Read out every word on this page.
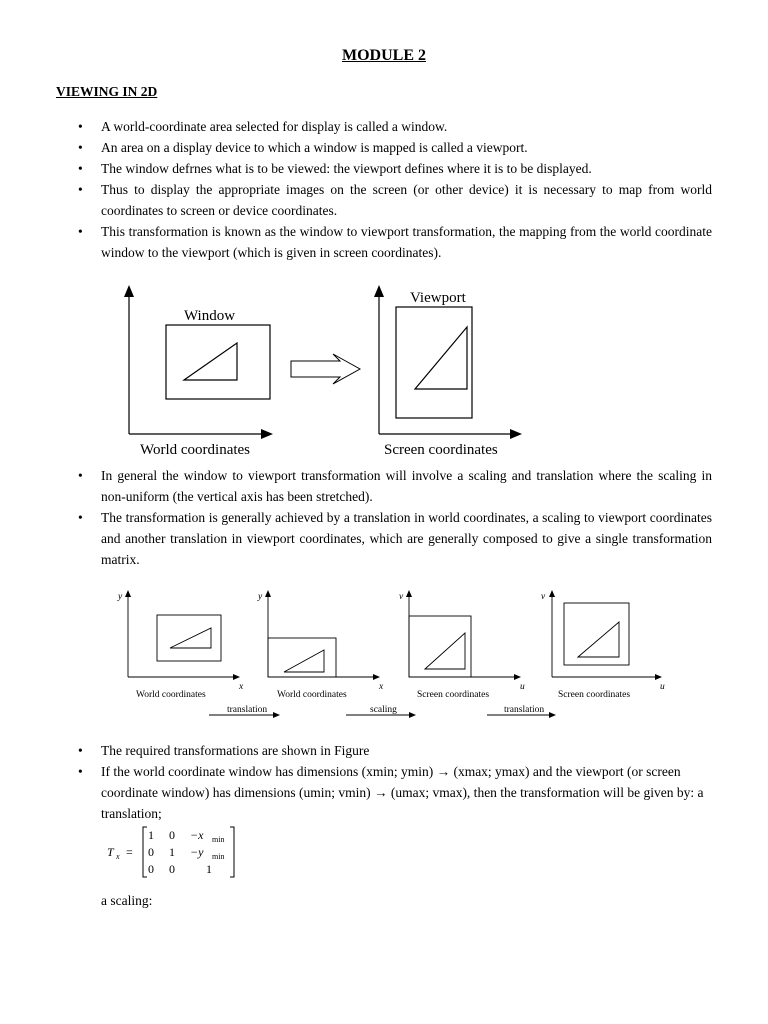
MODULE 2
VIEWING IN 2D
• A world-coordinate area selected for display is called a window.
• An area on a display device to which a window is mapped is called a viewport.
• The window defrnes what is to be viewed: the viewport defines where it is to be displayed.
• Thus to display the appropriate images on the screen (or other device) it is necessary to map from world coordinates to screen or device coordinates.
• This transformation is known as the window to viewport transformation, the mapping from the world coordinate window to the viewport (which is given in screen coordinates).
Window
Viewport
World coordinates	Screen coordinates
• In general the window to viewport transformation will involve a scaling and translation where the scaling in non-uniform (the vertical axis has been stretched).
• The transformation is generally achieved by a translation in world coordinates, a scaling to viewport coordinates and another translation in viewport coordinates, which are generally composed to give a single transformation matrix.
y
x
y
x
v
u
v
u
World coordinates	World coordinates	Screen coordinates	Screen coordinates
translation	scaling	translation
• The required transformations are shown in Figure
• If the world coordinate window has dimensions (xmin; ymin) → (xmax; ymax) and the viewport (or screen coordinate window) has dimensions (umin; vmin) → (umax; vmax), then the transformation will be given by: a translation;
T x =
1 0 −x min
0 1 −y min
0 0	1
a scaling:
